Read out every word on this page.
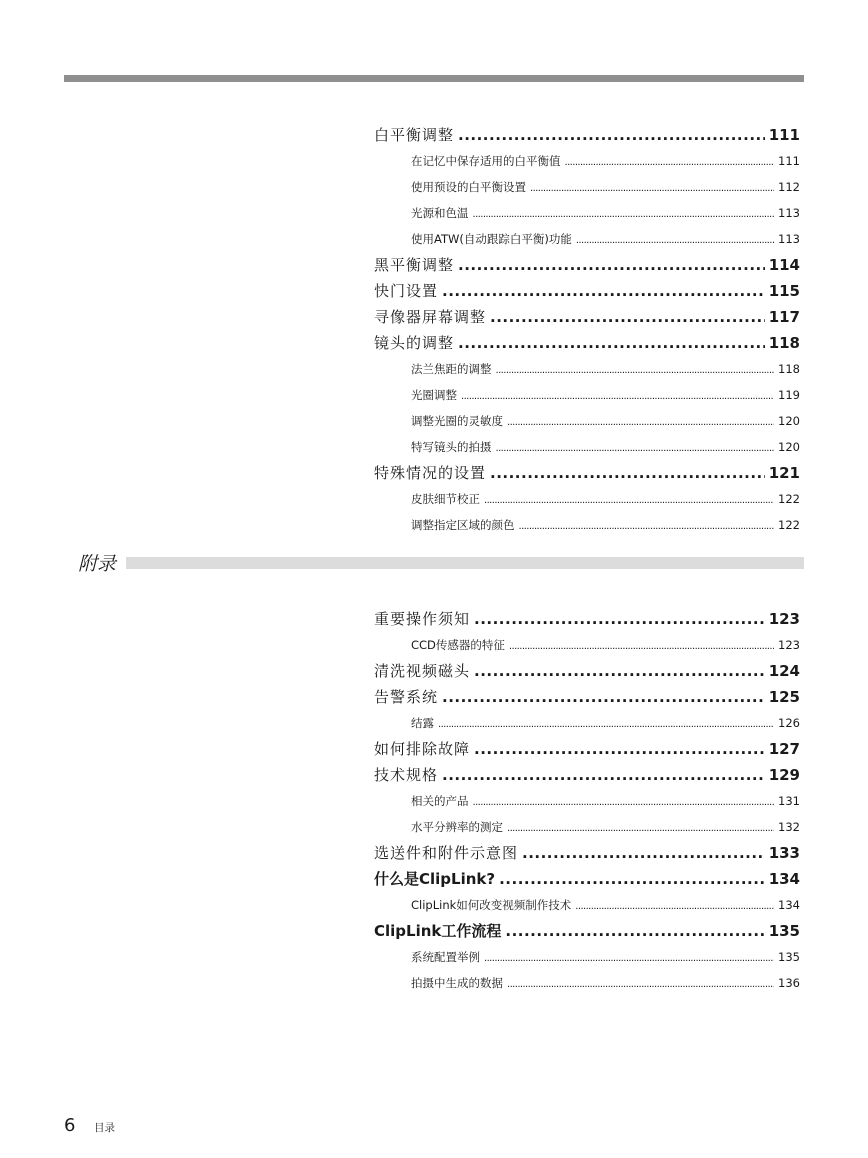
白平衡调整 .....	111
在记忆中保存适用的白平衡值 .....	111
使用预设的白平衡设置 .....	112
光源和色温 .....	113
使用ATW(自动跟踪白平衡)功能 .....	113
黑平衡调整 .....	114
快门设置 .....	115
寻像器屏幕调整 .....	117
镜头的调整 .....	118
法兰焦距的调整 .....	118
光圈调整 .....	119
调整光圈的灵敏度 .....	120
特写镜头的拍摄 .....	120
特殊情况的设置 .....	121
皮肤细节校正 .....	122
调整指定区域的颜色 .....	122
附录
重要操作须知 .....	123
CCD传感器的特征 .....	123
清洗视频磁头 .....	124
告警系统 .....	125
结露 .....	126
如何排除故障 .....	127
技术规格 .....	129
相关的产品 .....	131
水平分辨率的测定 .....	132
选送件和附件示意图 .....	133
什么是ClipLink? .....	134
ClipLink如何改变视频制作技术 .....	134
ClipLink工作流程 .....	135
系统配置举例 .....	135
拍摄中生成的数据 .....	136
6 目录
